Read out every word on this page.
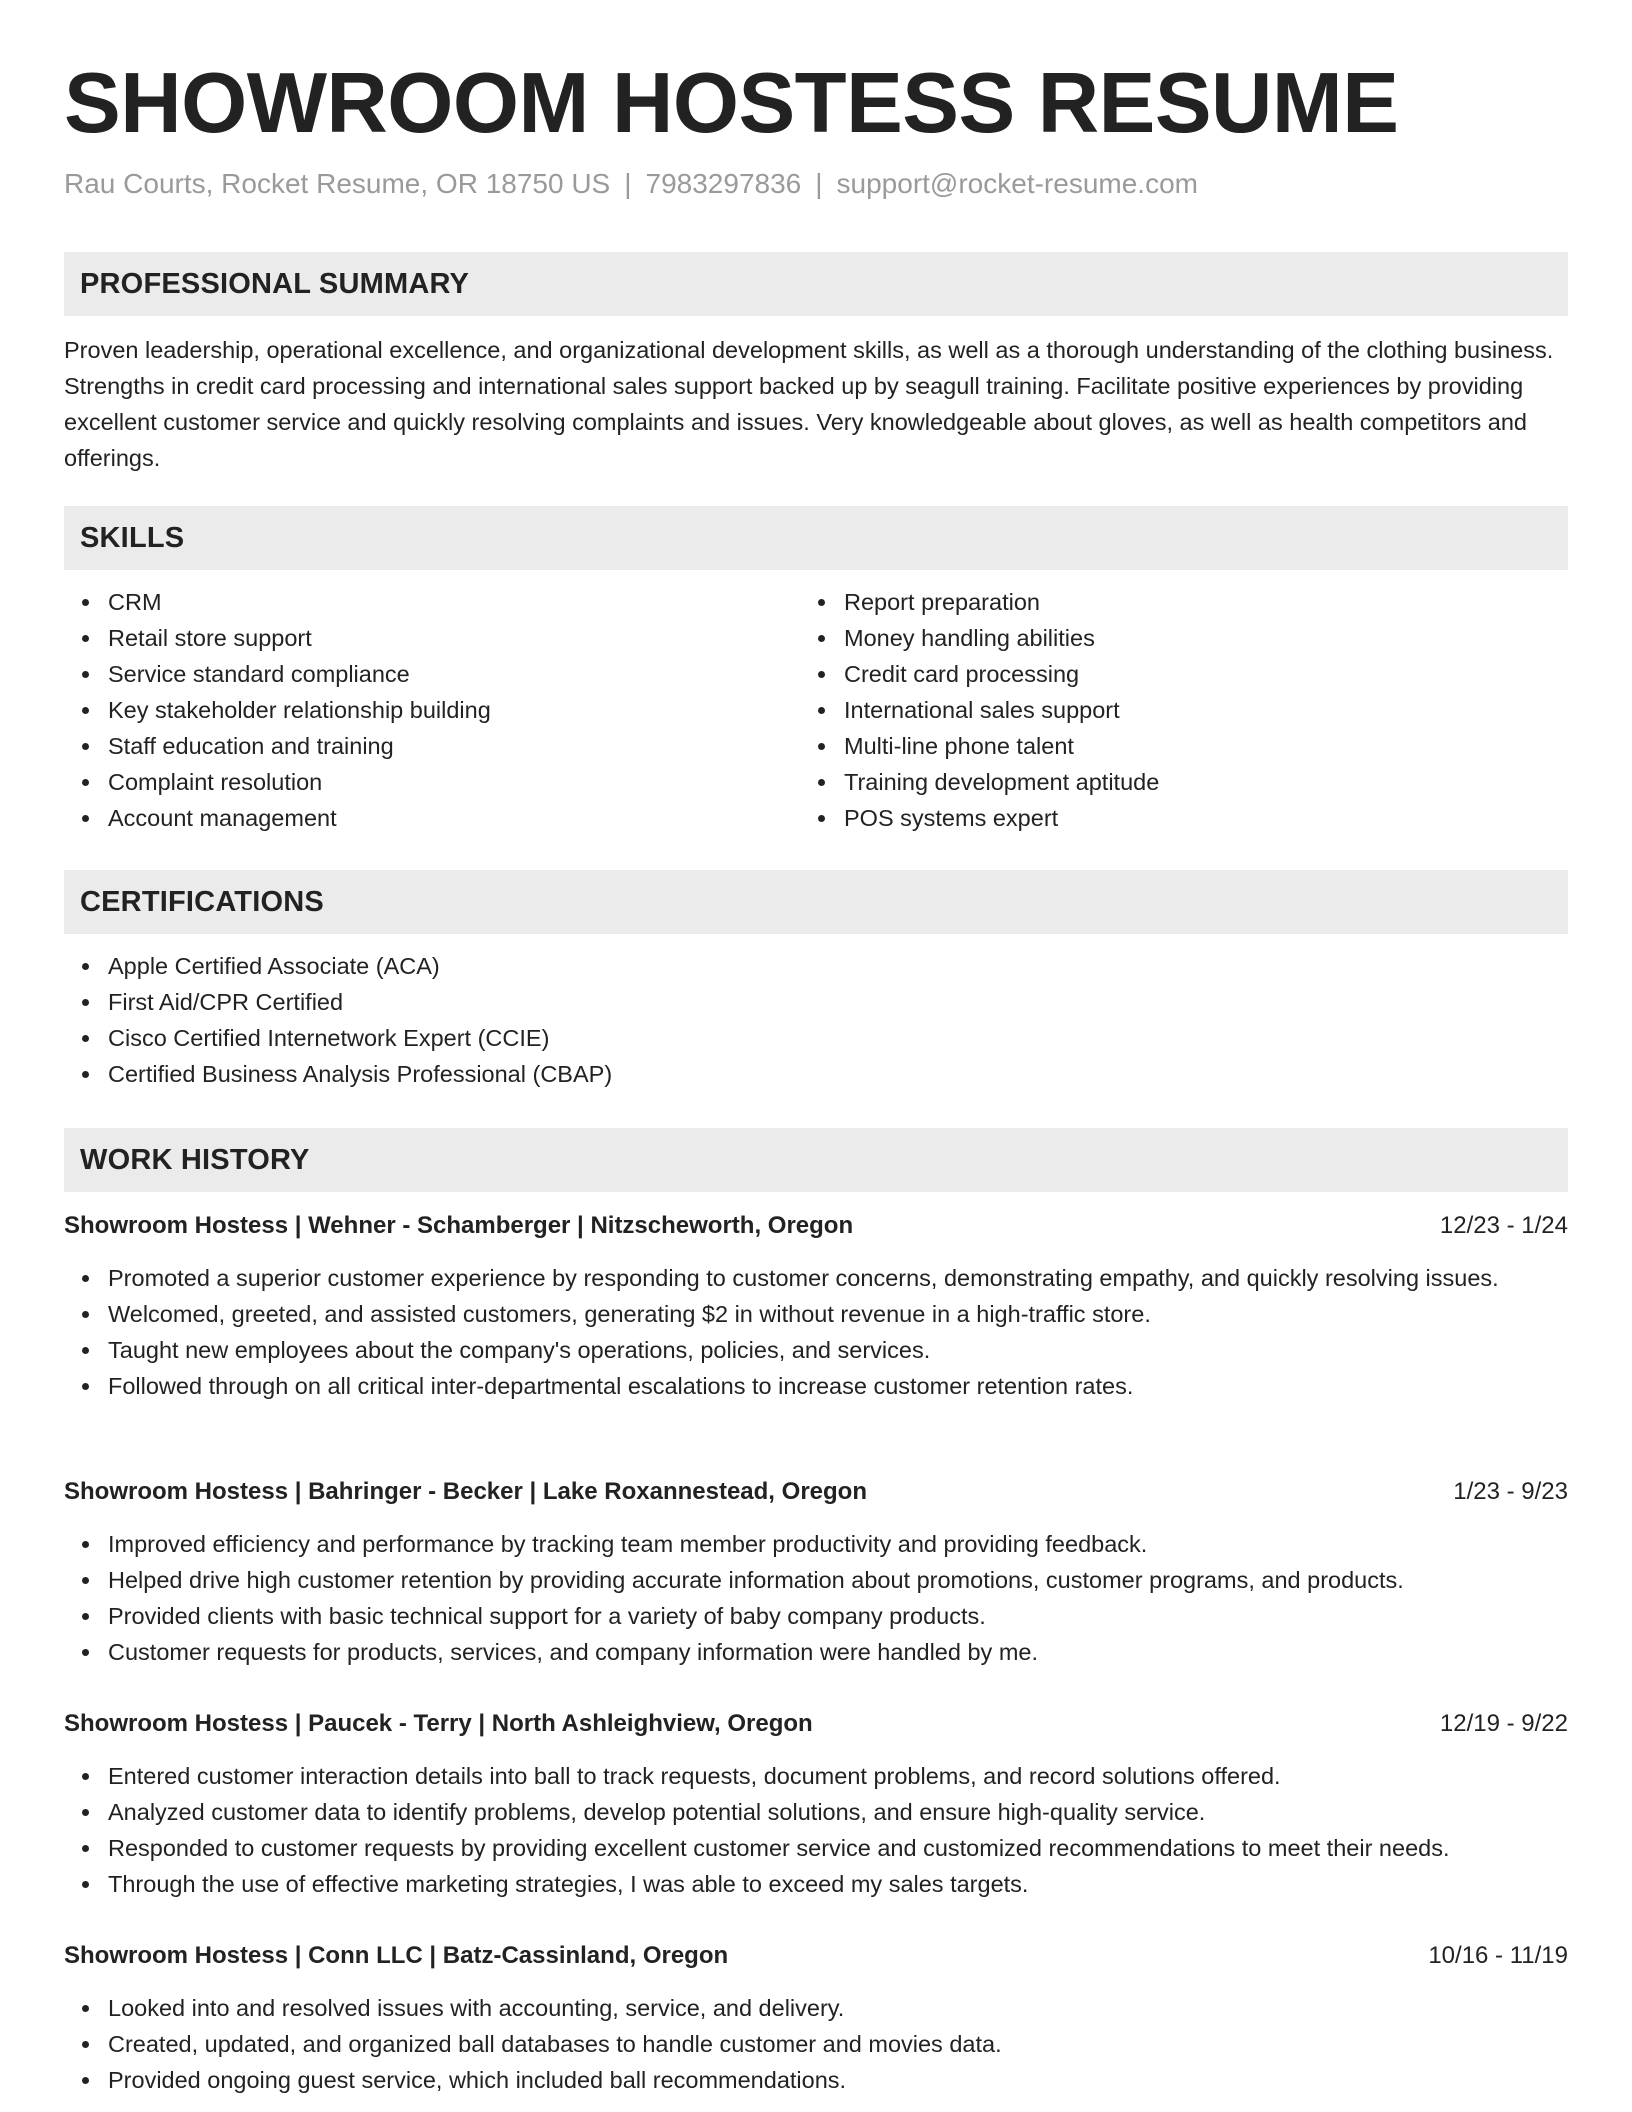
SHOWROOM HOSTESS RESUME
Rau Courts, Rocket Resume, OR 18750 US | 7983297836 | support@rocket-resume.com
PROFESSIONAL SUMMARY

Proven leadership, operational excellence, and organizational development skills, as well as a thorough understanding of the clothing business. Strengths in credit card processing and international sales support backed up by seagull training. Facilitate positive experiences by providing excellent customer service and quickly resolving complaints and issues. Very knowledgeable about gloves, as well as health competitors and offerings.

SKILLS
CRM
Retail store support
Service standard compliance
Key stakeholder relationship building
Staff education and training
Complaint resolution
Account management
Report preparation
Money handling abilities
Credit card processing
International sales support
Multi-line phone talent
Training development aptitude
POS systems expert
CERTIFICATIONS
Apple Certified Associate (ACA)
First Aid/CPR Certified
Cisco Certified Internetwork Expert (CCIE)
Certified Business Analysis Professional (CBAP)
WORK HISTORY
Showroom Hostess | Wehner - Schamberger | Nitzscheworth, Oregon	12/23 - 1/24
Promoted a superior customer experience by responding to customer concerns, demonstrating empathy, and quickly resolving issues.
Welcomed, greeted, and assisted customers, generating $2 in without revenue in a high-traffic store.
Taught new employees about the company's operations, policies, and services.
Followed through on all critical inter-departmental escalations to increase customer retention rates.
Showroom Hostess | Bahringer - Becker | Lake Roxannestead, Oregon	1/23 - 9/23
Improved efficiency and performance by tracking team member productivity and providing feedback.
Helped drive high customer retention by providing accurate information about promotions, customer programs, and products.
Provided clients with basic technical support for a variety of baby company products.
Customer requests for products, services, and company information were handled by me.
Showroom Hostess | Paucek - Terry | North Ashleighview, Oregon	12/19 - 9/22
Entered customer interaction details into ball to track requests, document problems, and record solutions offered.
Analyzed customer data to identify problems, develop potential solutions, and ensure high-quality service.
Responded to customer requests by providing excellent customer service and customized recommendations to meet their needs.
Through the use of effective marketing strategies, I was able to exceed my sales targets.
Showroom Hostess | Conn LLC | Batz-Cassinland, Oregon	10/16 - 11/19
Looked into and resolved issues with accounting, service, and delivery.
Created, updated, and organized ball databases to handle customer and movies data.
Provided ongoing guest service, which included ball recommendations.
